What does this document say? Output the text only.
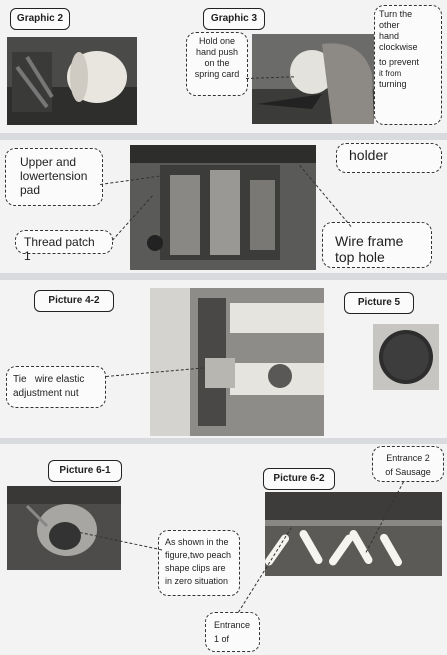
Graphic 2	Graphic 3
Hold one
hand push
on the
spring card
Turn the
other
hand
clockwise
to prevent
it from
turning
holder
Upper and
lowertension
pad
Thread patch 1
Wire frame
top hole
Picture 4-2	Picture 5
Tie   wire elastic
adjustment nut
Picture 6-1
Picture 6-2
Entrance 2
of Sausage
As shown in the
figure,two peach
shape clips are
in zero situation
Entrance
1 of
